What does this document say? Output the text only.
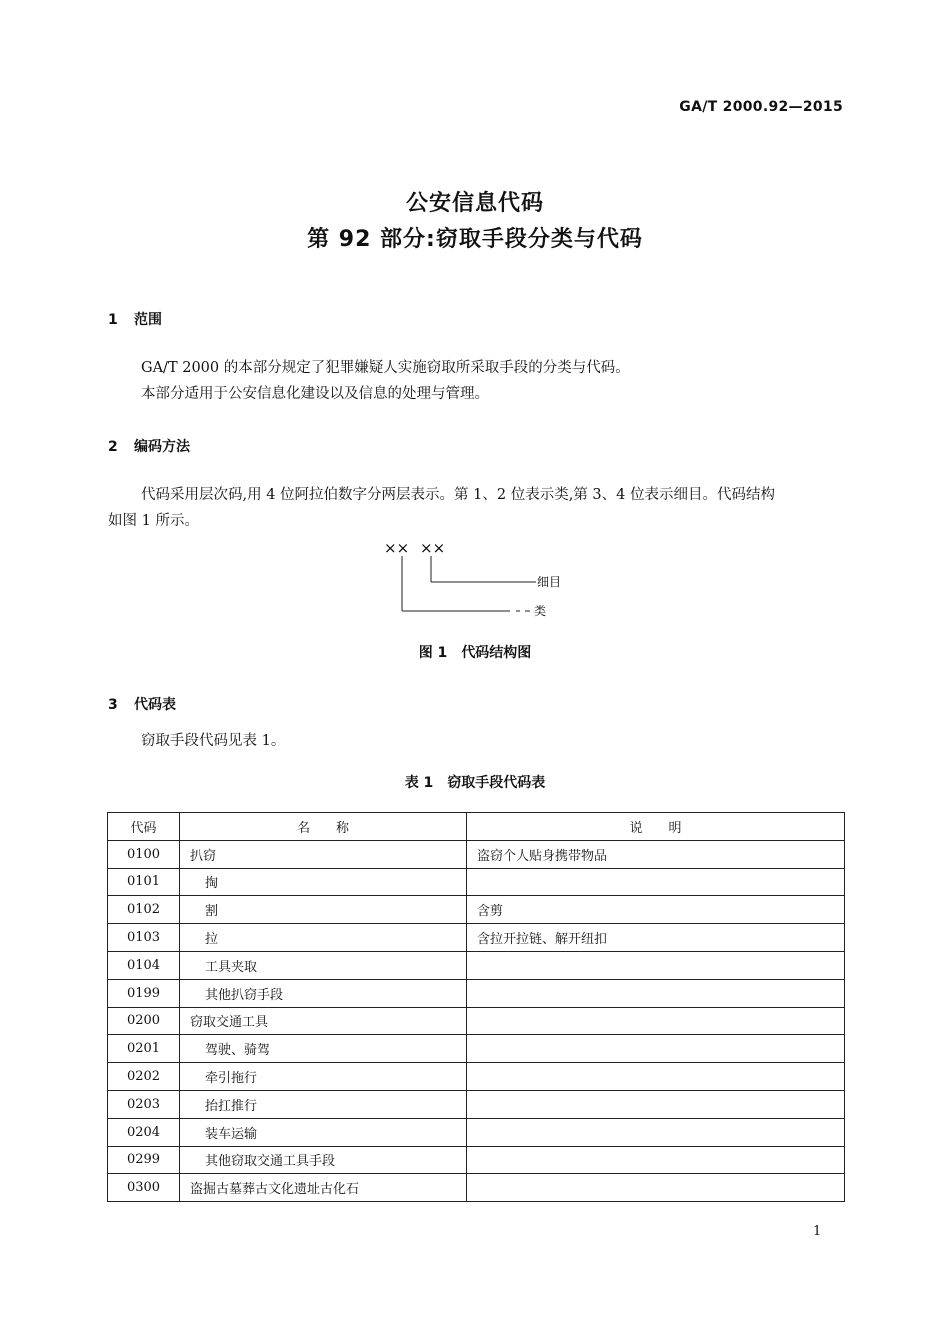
GA/T 2000.92—2015
公安信息代码
第 92 部分:窃取手段分类与代码
1 范围
GA/T 2000 的本部分规定了犯罪嫌疑人实施窃取所采取手段的分类与代码。
本部分适用于公安信息化建设以及信息的处理与管理。
2 编码方法
代码采用层次码,用 4 位阿拉伯数字分两层表示。第 1、2 位表示类,第 3、4 位表示细目。代码结构
如图 1 所示。
×× ××
细目
类
图 1 代码结构图
3 代码表
窃取手段代码见表 1。
表 1 窃取手段代码表
代码	名　　称	说　　明
0100	扒窃	盗窃个人贴身携带物品
0101	掏	
0102	割	含剪
0103	拉	含拉开拉链、解开纽扣
0104	工具夹取	
0199	其他扒窃手段	
0200	窃取交通工具	
0201	驾驶、骑驾	
0202	牵引拖行	
0203	抬扛推行	
0204	装车运输	
0299	其他窃取交通工具手段	
0300	盗掘古墓葬古文化遗址古化石	
1
